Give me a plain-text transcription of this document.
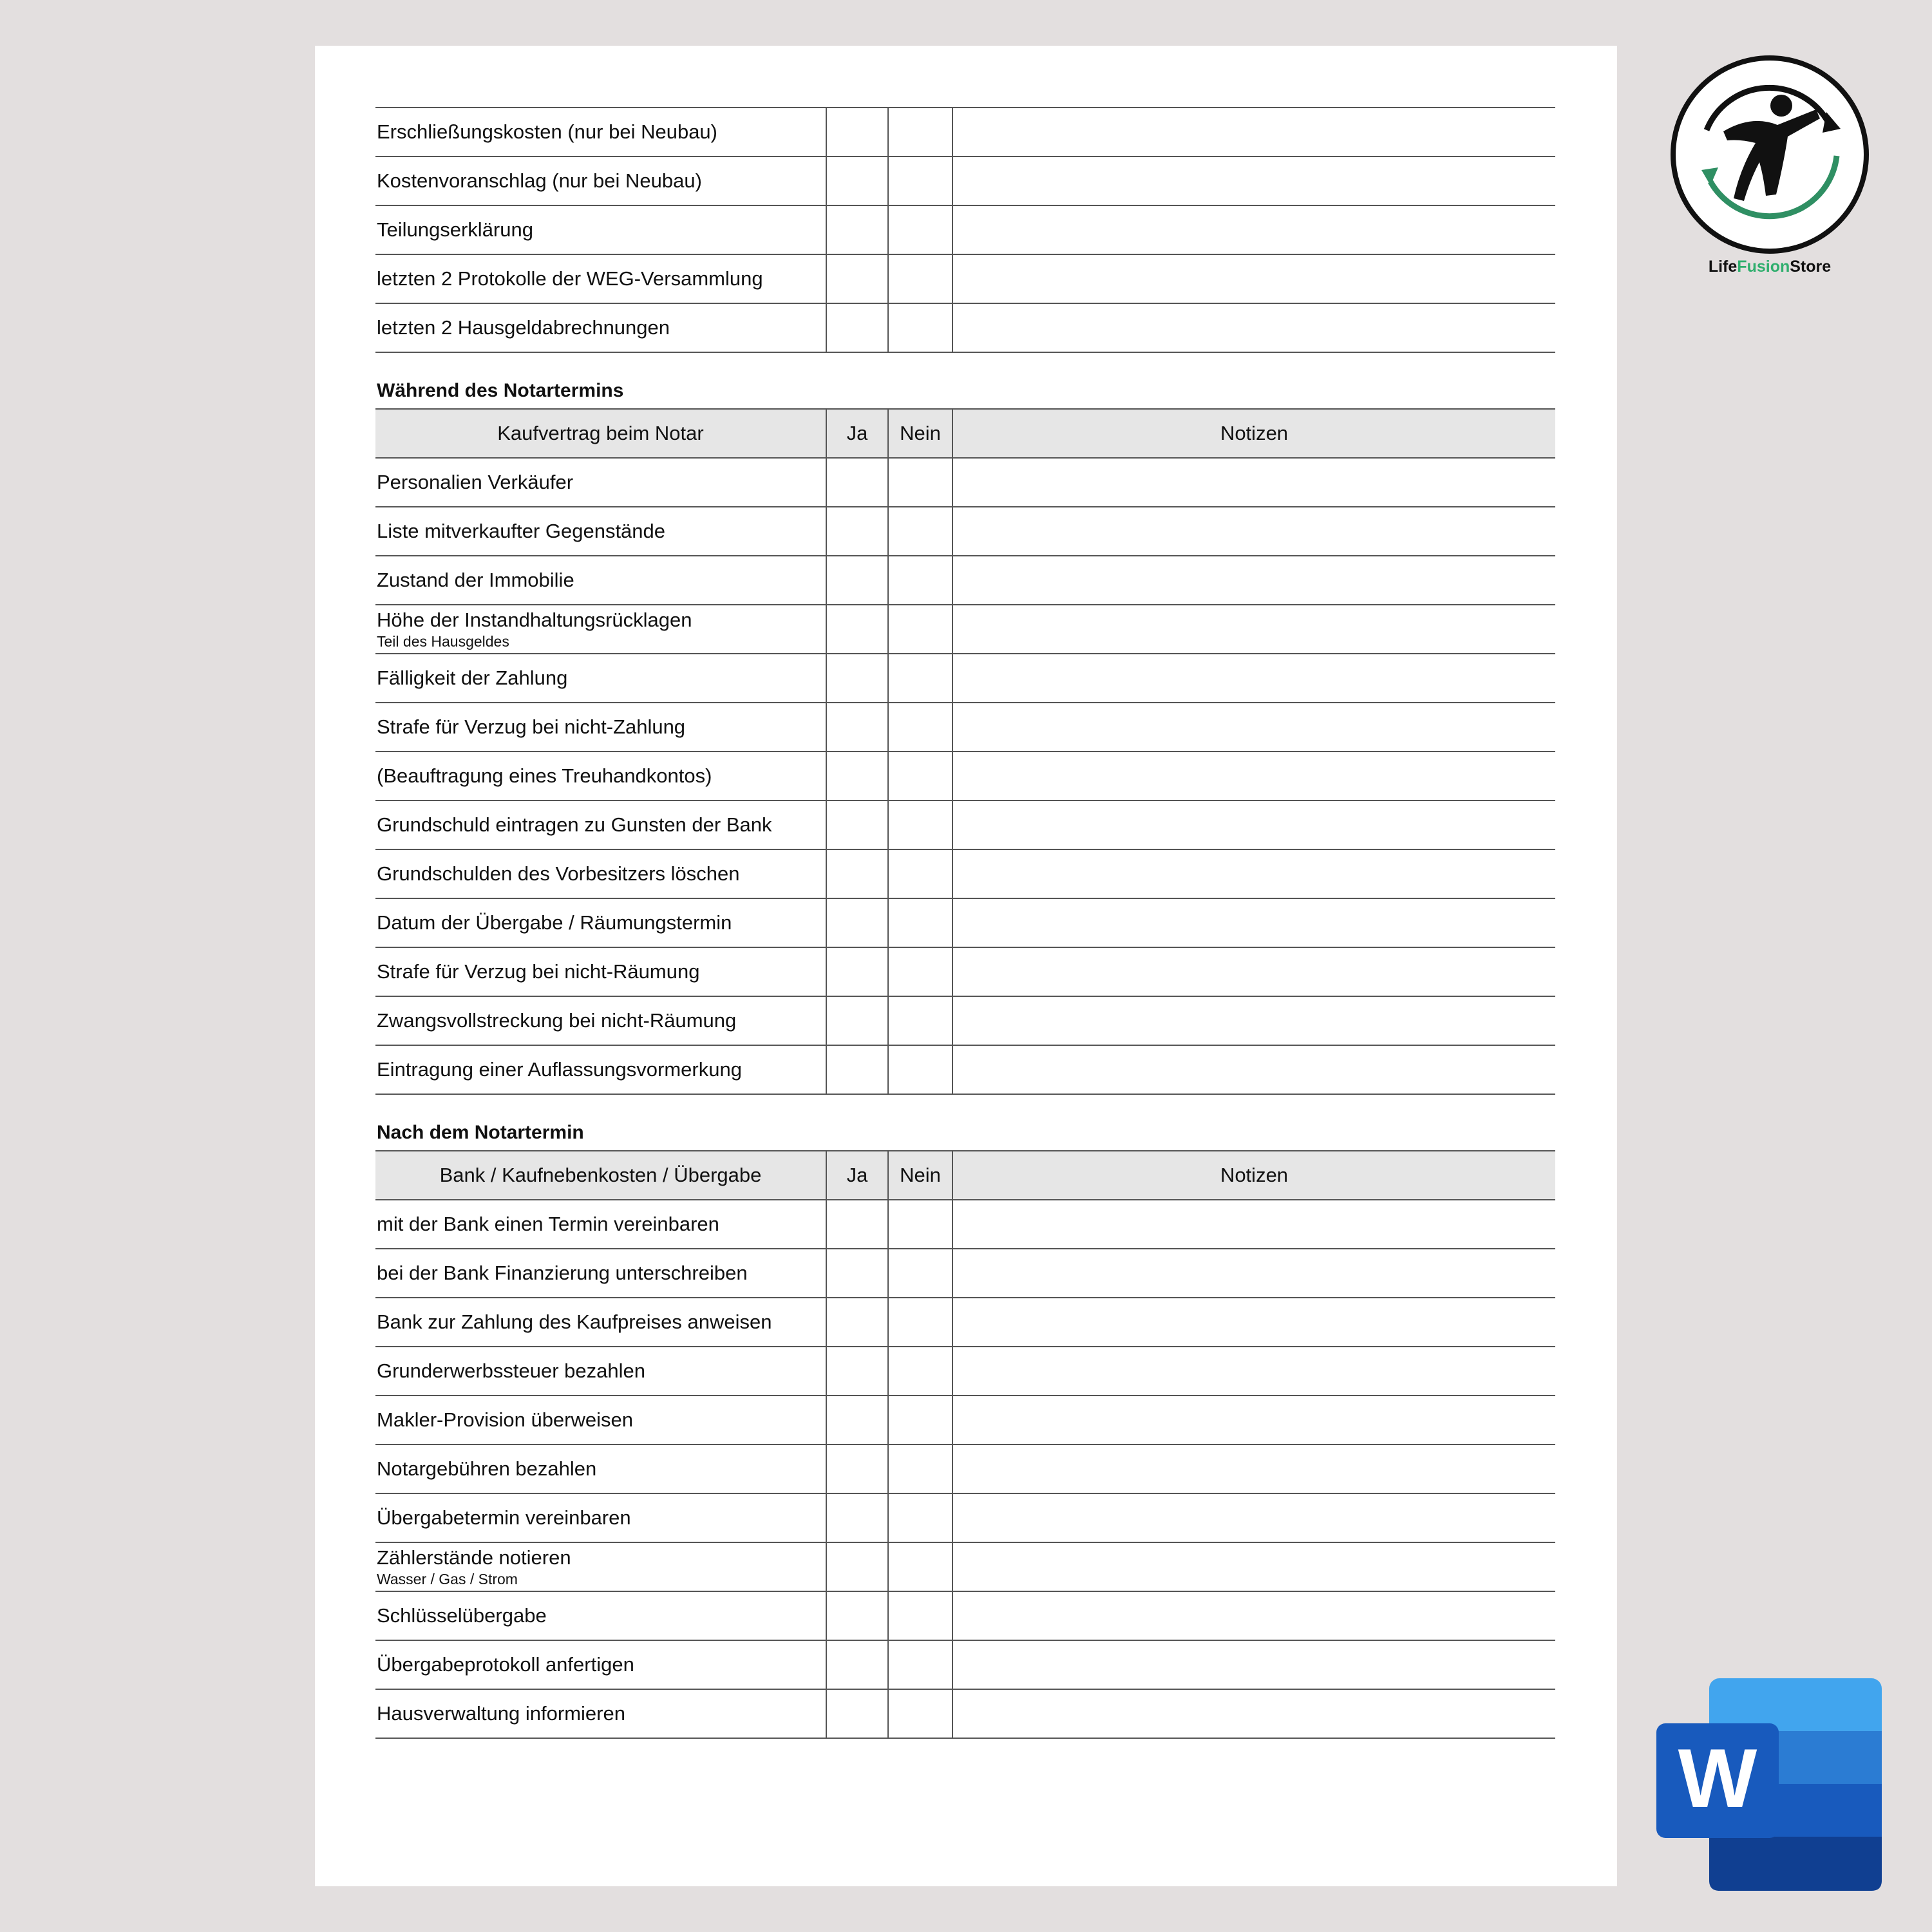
Erschließungskosten (nur bei Neubau)			
Kostenvoranschlag (nur bei Neubau)			
Teilungserklärung			
letzten 2 Protokolle der WEG-Versammlung			
letzten 2 Hausgeldabrechnungen			
Während des Notartermins
Kaufvertrag beim Notar	Ja	Nein	Notizen
Personalien Verkäufer			
Liste mitverkaufter Gegenstände			
Zustand der Immobilie			
Höhe der Instandhaltungsrücklagen
Teil des Hausgeldes			

Fälligkeit der Zahlung			
Strafe für Verzug bei nicht-Zahlung			
(Beauftragung eines Treuhandkontos)			
Grundschuld eintragen zu Gunsten der Bank			
Grundschulden des Vorbesitzers löschen			
Datum der Übergabe / Räumungstermin			
Strafe für Verzug bei nicht-Räumung			
Zwangsvollstreckung bei nicht-Räumung			
Eintragung einer Auflassungsvormerkung			
Nach dem Notartermin
Bank / Kaufnebenkosten / Übergabe	Ja	Nein	Notizen
mit der Bank einen Termin vereinbaren			
bei der Bank Finanzierung unterschreiben			
Bank zur Zahlung des Kaufpreises anweisen			
Grunderwerbssteuer bezahlen			
Makler-Provision überweisen			
Notargebühren bezahlen			
Übergabetermin vereinbaren			
Zählerstände notieren
Wasser / Gas / Strom			

Schlüsselübergabe			
Übergabeprotokoll anfertigen			
Hausverwaltung informieren			
LifeFusionStore
W
